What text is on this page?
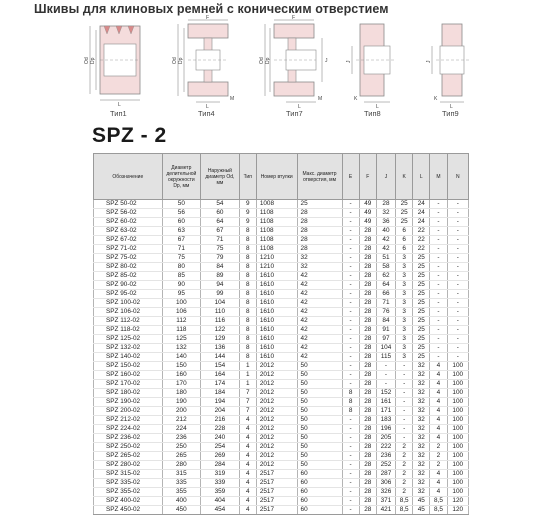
Шкивы для клиновых ремней с коническим отверстием
Od Dp
L
Тип1
Od Dp
F
M
L
Тип4
Od Dp
F
J
M
L
Тип7
J
K
L
Тип8
J
K
L
Тип9
SPZ - 2
Обозначение	Диаметр делительной окружности Dp, мм	Наружный диаметр Od, мм	Тип	Номер втулки	Макс. диаметр отверстия, мм	E	F	J	K	L	M	N
SPZ 50-02	50	54	9	1008	25	-	49	28	25	24	-	-
SPZ 56-02	56	60	9	1108	28	-	49	32	25	24	-	-
SPZ 60-02	60	64	9	1108	28	-	49	36	25	24	-	-
SPZ 63-02	63	67	8	1108	28	-	28	40	6	22	-	-
SPZ 67-02	67	71	8	1108	28	-	28	42	6	22	-	-
SPZ 71-02	71	75	8	1108	28	-	28	42	6	22	-	-
SPZ 75-02	75	79	8	1210	32	-	28	51	3	25	-	-
SPZ 80-02	80	84	8	1210	32	-	28	58	3	25	-	-
SPZ 85-02	85	89	8	1610	42	-	28	62	3	25	-	-
SPZ 90-02	90	94	8	1610	42	-	28	64	3	25	-	-
SPZ 95-02	95	99	8	1610	42	-	28	66	3	25	-	-
SPZ 100-02	100	104	8	1610	42	-	28	71	3	25	-	-
SPZ 106-02	106	110	8	1610	42	-	28	76	3	25	-	-
SPZ 112-02	112	116	8	1610	42	-	28	84	3	25	-	-
SPZ 118-02	118	122	8	1610	42	-	28	91	3	25	-	-
SPZ 125-02	125	129	8	1610	42	-	28	97	3	25	-	-
SPZ 132-02	132	136	8	1610	42	-	28	104	3	25	-	-
SPZ 140-02	140	144	8	1610	42	-	28	115	3	25	-	-
SPZ 150-02	150	154	1	2012	50	-	28	-	-	32	4	100
SPZ 160-02	160	164	1	2012	50	-	28	-	-	32	4	100
SPZ 170-02	170	174	1	2012	50	-	28	-	-	32	4	100
SPZ 180-02	180	184	7	2012	50	8	28	152	-	32	4	100
SPZ 190-02	190	194	7	2012	50	8	28	161	-	32	4	100
SPZ 200-02	200	204	7	2012	50	8	28	171	-	32	4	100
SPZ 212-02	212	216	4	2012	50	-	28	183	-	32	4	100
SPZ 224-02	224	228	4	2012	50	-	28	196	-	32	4	100
SPZ 236-02	236	240	4	2012	50	-	28	205	-	32	4	100
SPZ 250-02	250	254	4	2012	50	-	28	222	2	32	2	100
SPZ 265-02	265	269	4	2012	50	-	28	236	2	32	2	100
SPZ 280-02	280	284	4	2012	50	-	28	252	2	32	2	100
SPZ 315-02	315	319	4	2517	60	-	28	287	2	32	4	100
SPZ 335-02	335	339	4	2517	60	-	28	306	2	32	4	100
SPZ 355-02	355	359	4	2517	60	-	28	326	2	32	4	100
SPZ 400-02	400	404	4	2517	60	-	28	371	8,5	45	8,5	120
SPZ 450-02	450	454	4	2517	60	-	28	421	8,5	45	8,5	120
